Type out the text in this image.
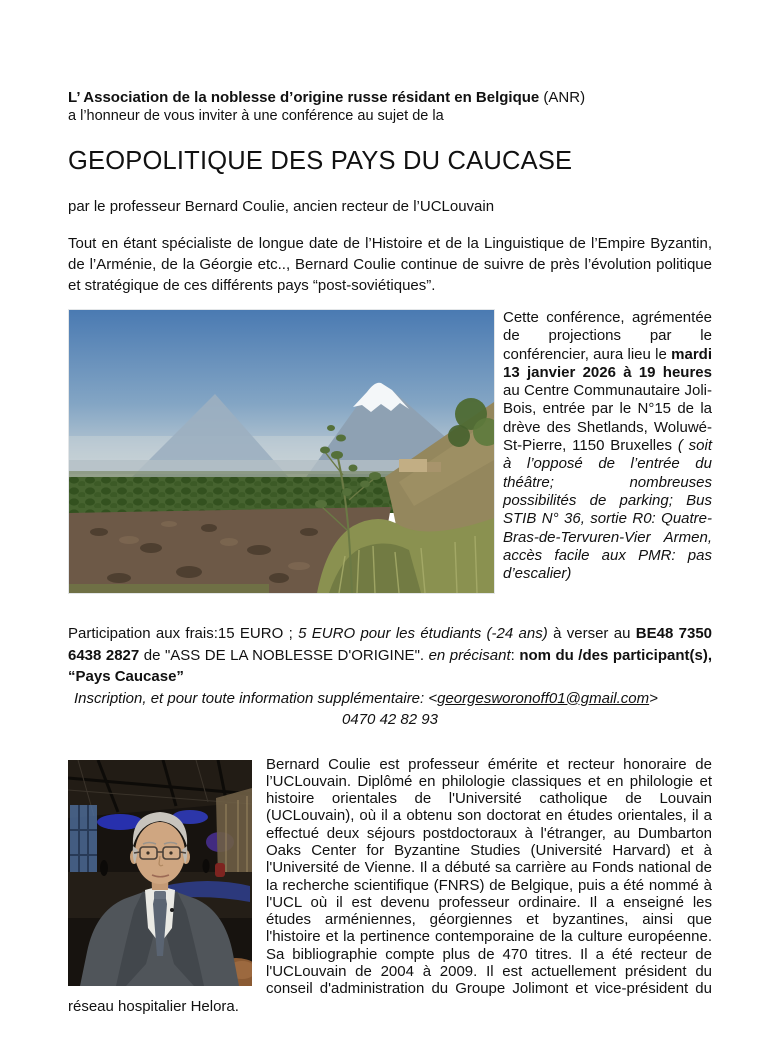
L’ Association de la noblesse d’origine russe résidant en Belgique (ANR)

a l’honneur de vous inviter à une conférence au sujet de la

GEOPOLITIQUE DES PAYS DU CAUCASE

par le professeur Bernard Coulie, ancien recteur de l’UCLouvain

Tout en étant spécialiste de longue date de l’Histoire et de la Linguistique de l’Empire Byzantin, de l’Arménie, de la Géorgie etc.., Bernard Coulie continue de suivre de près l’évolution politique et stratégique de ces différents pays “post-soviétiques”.

Cette conférence, agrémentée de projections par le conférencier, aura lieu le mardi 13 janvier 2026 à 19 heures au Centre Communautaire Joli-Bois, entrée par le N°15 de la drève des Shetlands, Woluwé-St-Pierre, 1150 Bruxelles ( soit à l’opposé de l’entrée du théâtre; nombreuses possibilités de parking; Bus STIB N° 36, sortie R0: Quatre-Bras-de-Tervuren-Vier Armen, accès facile aux PMR: pas d’escalier)

Participation aux frais:15 EURO ; 5 EURO pour les étudiants (-24 ans) à verser au BE48 7350 6438 2827 de "ASS DE LA NOBLESSE D'ORIGINE". en précisant: nom du /des participant(s), “Pays Caucase”

Inscription, et pour toute information supplémentaire: <georgesworonoff01@gmail.com>

0470 42 82 93

Bernard Coulie est professeur émérite et recteur honoraire de l’UCLouvain. Diplômé en philologie classiques et en philologie et histoire orientales de l'Université catholique de Louvain (UCLouvain), où il a obtenu son doctorat en études orientales, il a effectué deux séjours postdoctoraux à l'étranger, au Dumbarton Oaks Center for Byzantine Studies (Université Harvard) et à l'Université de Vienne. Il a débuté sa carrière au Fonds national de la recherche scientifique (FNRS) de Belgique, puis a été nommé à l'UCL où il est devenu professeur ordinaire. Il a enseigné les études arméniennes, géorgiennes et byzantines, ainsi que l'histoire et la pertinence contemporaine de la culture européenne. Sa bibliographie compte plus de 470 titres. Il a été recteur de l'UCLouvain de 2004 à 2009. Il est actuellement président du conseil d'administration du Groupe Jolimont et vice-président du réseau hospitalier Helora.
